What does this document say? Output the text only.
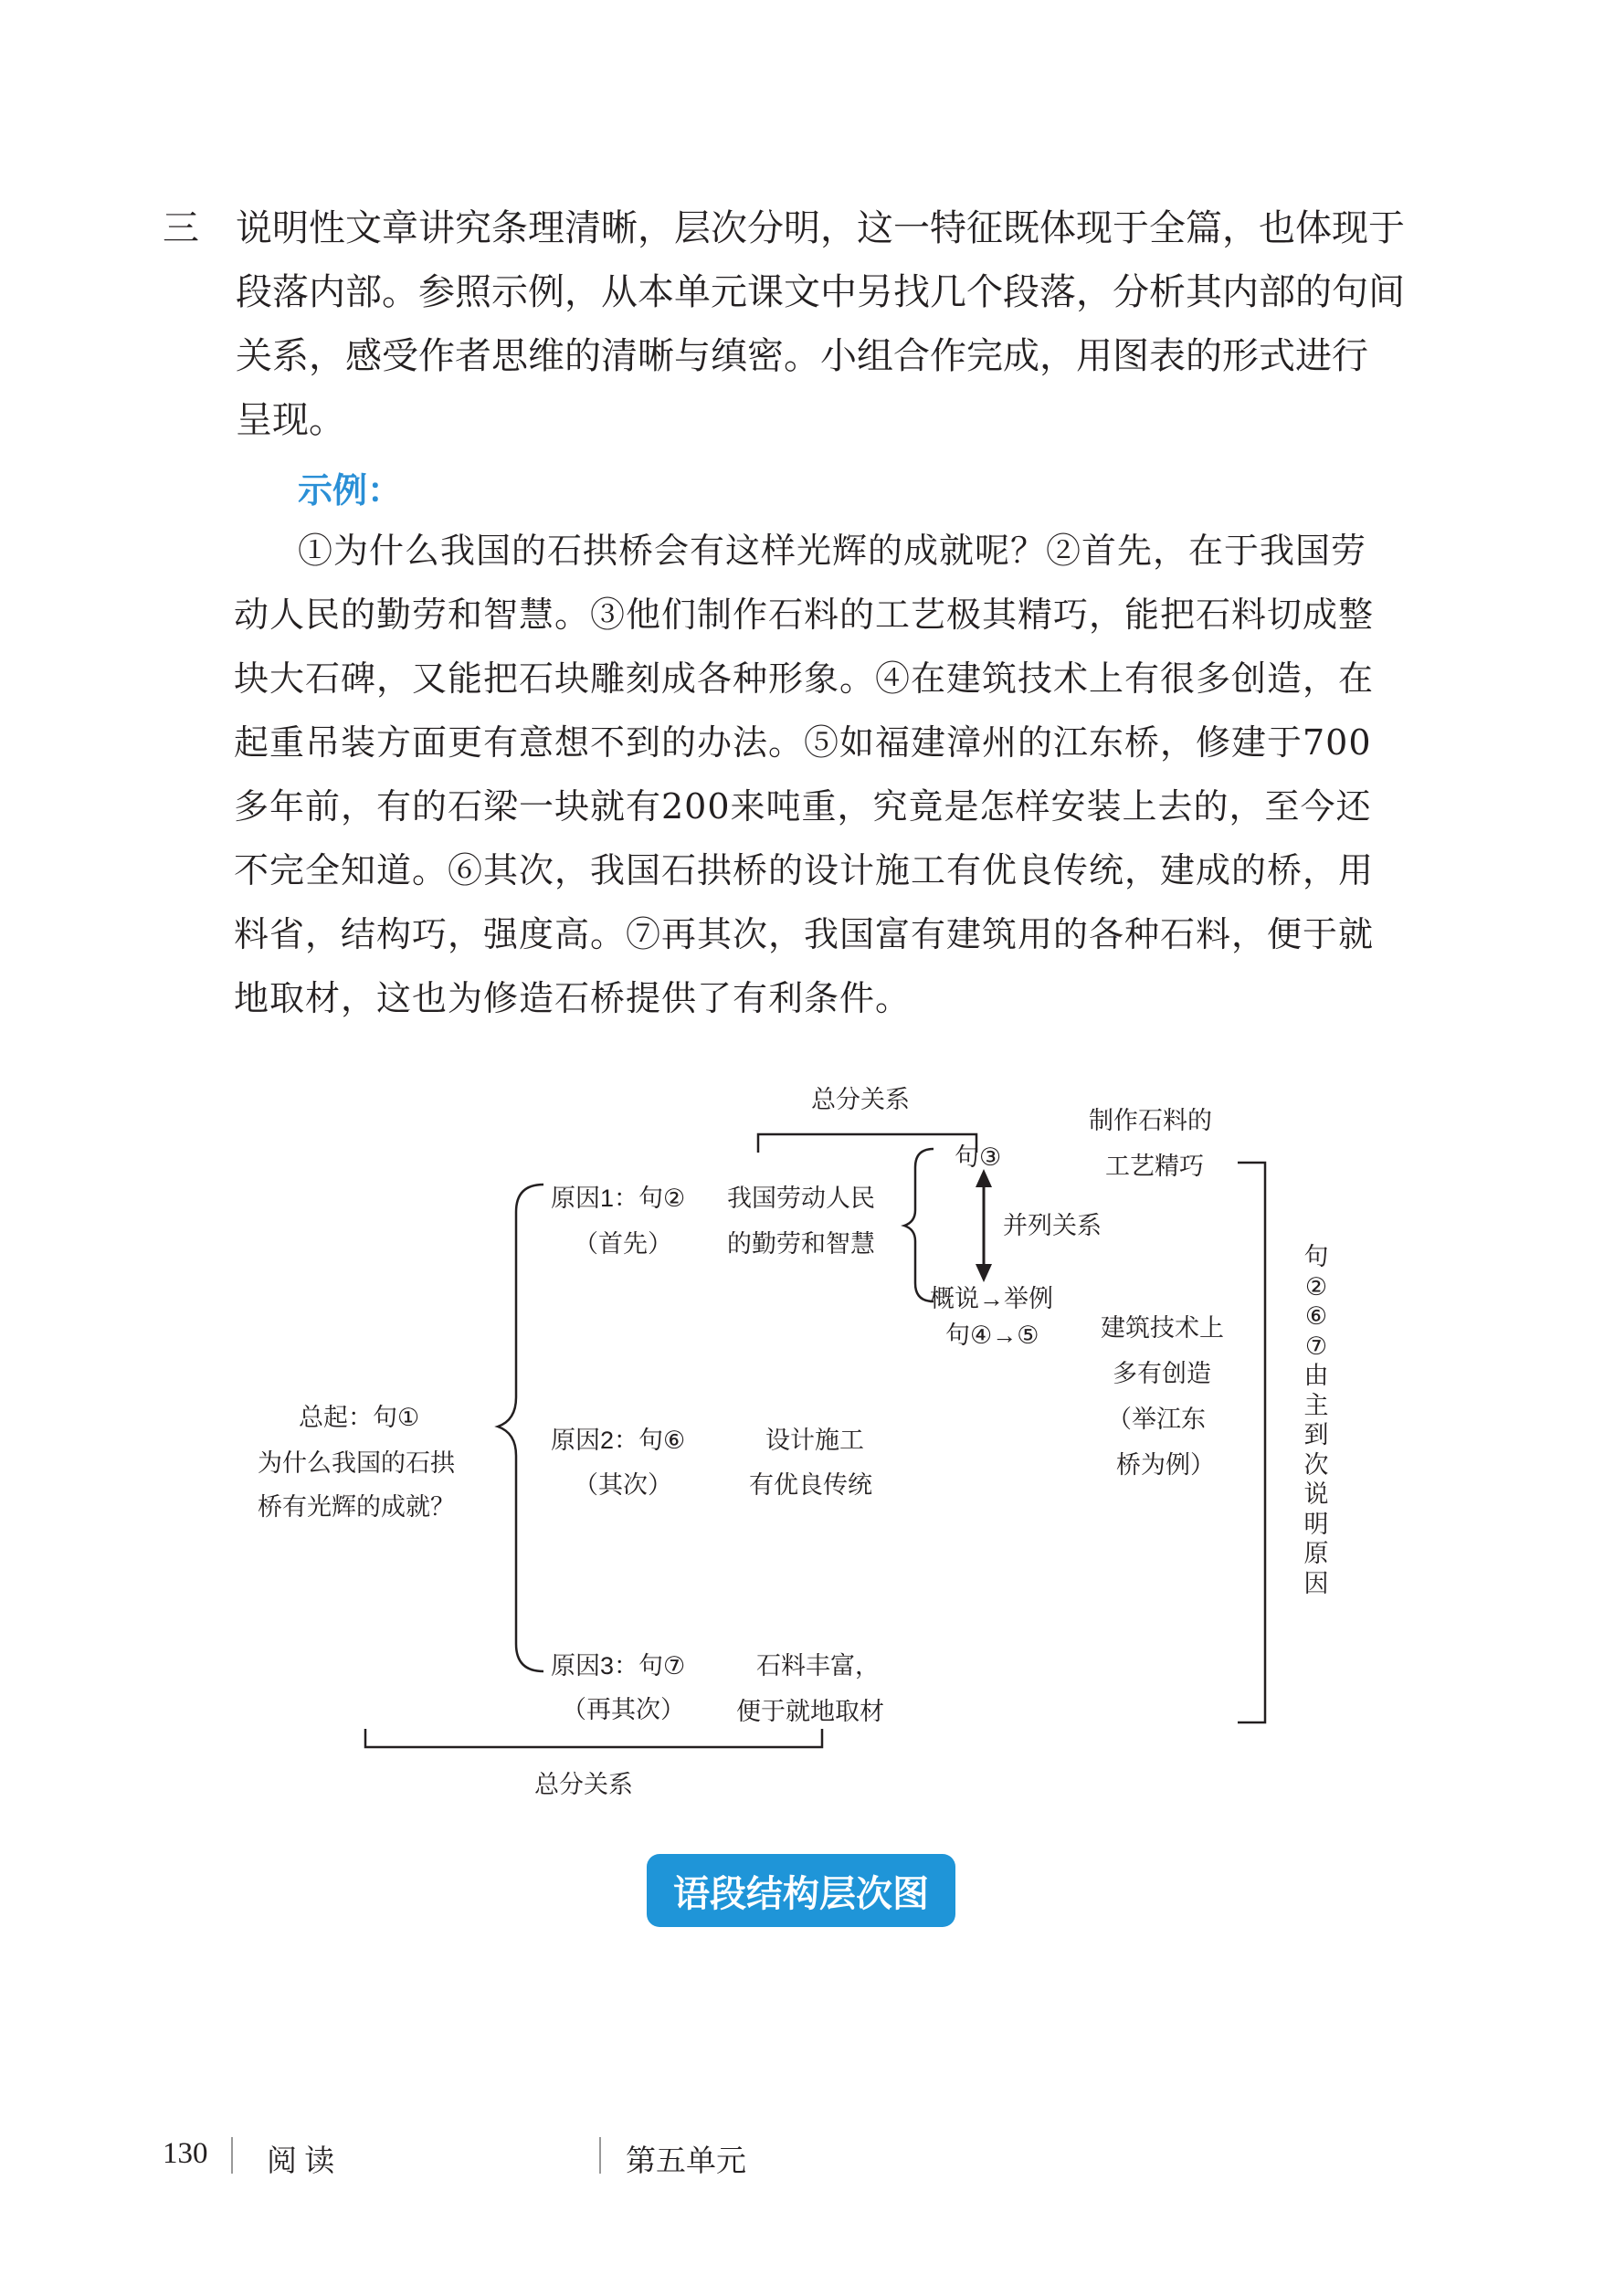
三 说明性文章讲究条理清晰，层次分明，这一特征既体现于全篇，也体现于
段落内部。参照示例，从本单元课文中另找几个段落，分析其内部的句间
关系，感受作者思维的清晰与缜密。小组合作完成，用图表的形式进行
呈现。
示例：
①为什么我国的石拱桥会有这样光辉的成就呢？②首先，在于我国劳
动人民的勤劳和智慧。③他们制作石料的工艺极其精巧，能把石料切成整
块大石碑，又能把石块雕刻成各种形象。④在建筑技术上有很多创造，在
起重吊装方面更有意想不到的办法。⑤如福建漳州的江东桥，修建于700
多年前，有的石梁一块就有200来吨重，究竟是怎样安装上去的，至今还
不完全知道。⑥其次，我国石拱桥的设计施工有优良传统，建成的桥，用
料省，结构巧，强度高。⑦再其次，我国富有建筑用的各种石料，便于就
地取材，这也为修造石桥提供了有利条件。
总分关系
总分关系
总起：句①
为什么我国的石拱
桥有光辉的成就？
原因1：句②
（首先）
我国劳动人民
的勤劳和智慧
原因2：句⑥
（其次）
设计施工
有优良传统
原因3：句⑦
（再其次）
石料丰富，
便于就地取材
句③
制作石料的
工艺精巧
并列关系
概说→举例
句④→⑤	建筑技术上
多有创造
（举江东
桥为例）
句
②
⑥
⑦
由
主
到
次
说
明
原
因
语段结构层次图
130 阅 读	第五单元
